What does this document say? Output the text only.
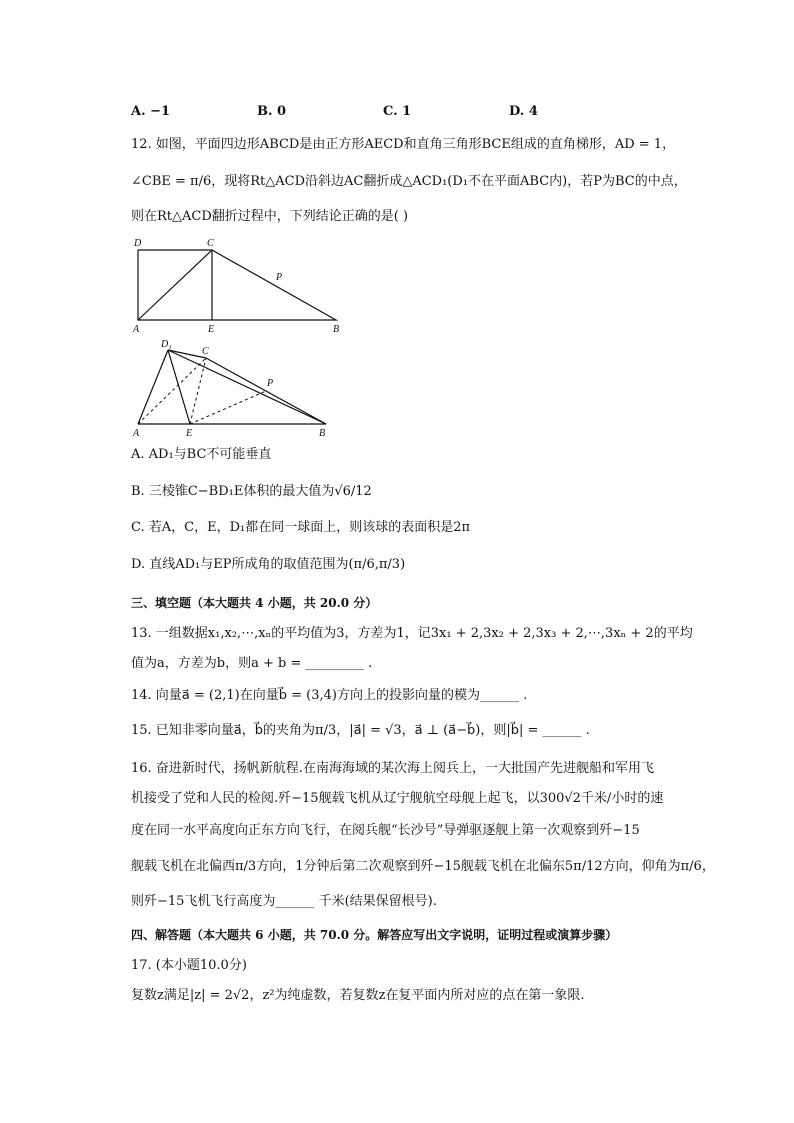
A. −1	B. 0	C. 1	D. 4
12. 如图，平面四边形ABCD是由正方形AECD和直角三角形BCE组成的直角梯形，AD = 1，
∠CBE = π/6，现将Rt△ACD沿斜边AC翻折成△ACD₁(D₁不在平面ABC内)，若P为BC的中点，
则在Rt△ACD翻折过程中，下列结论正确的是( )
D	C
P
A	E	B
D₁
C
P
A	E	B
A. AD₁与BC不可能垂直
B. 三棱锥C−BD₁E体积的最大值为√6/12
C. 若A，C，E，D₁都在同一球面上，则该球的表面积是2π
D. 直线AD₁与EP所成角的取值范围为(π/6,π/3)
三、填空题（本大题共 4 小题，共 20.0 分）
13. 一组数据x₁,x₂,⋯,xₙ的平均值为3，方差为1，记3x₁ + 2,3x₂ + 2,3x₃ + 2,⋯,3xₙ + 2的平均
值为a，方差为b，则a + b = _________ .
14. 向量a⃗ = (2,1)在向量b⃗ = (3,4)方向上的投影向量的模为______ .
15. 已知非零向量a⃗，b⃗的夹角为π/3，|a⃗| = √3，a⃗ ⊥ (a⃗−b⃗)，则|b⃗| = ______ .
16. 奋进新时代，扬帆新航程.在南海海域的某次海上阅兵上，一大批国产先进舰船和军用飞
机接受了党和人民的检阅.歼−15舰载飞机从辽宁舰航空母舰上起飞，以300√2千米/小时的速
度在同一水平高度向正东方向飞行，在阅兵舰“长沙号”导弹驱逐舰上第一次观察到歼−15
舰载飞机在北偏西π/3方向，1分钟后第二次观察到歼−15舰载飞机在北偏东5π/12方向，仰角为π/6，
则歼−15飞机飞行高度为______ 千米(结果保留根号).
四、解答题（本大题共 6 小题，共 70.0 分。解答应写出文字说明，证明过程或演算步骤）
17. (本小题10.0分)
复数z满足|z| = 2√2，z²为纯虚数，若复数z在复平面内所对应的点在第一象限.
